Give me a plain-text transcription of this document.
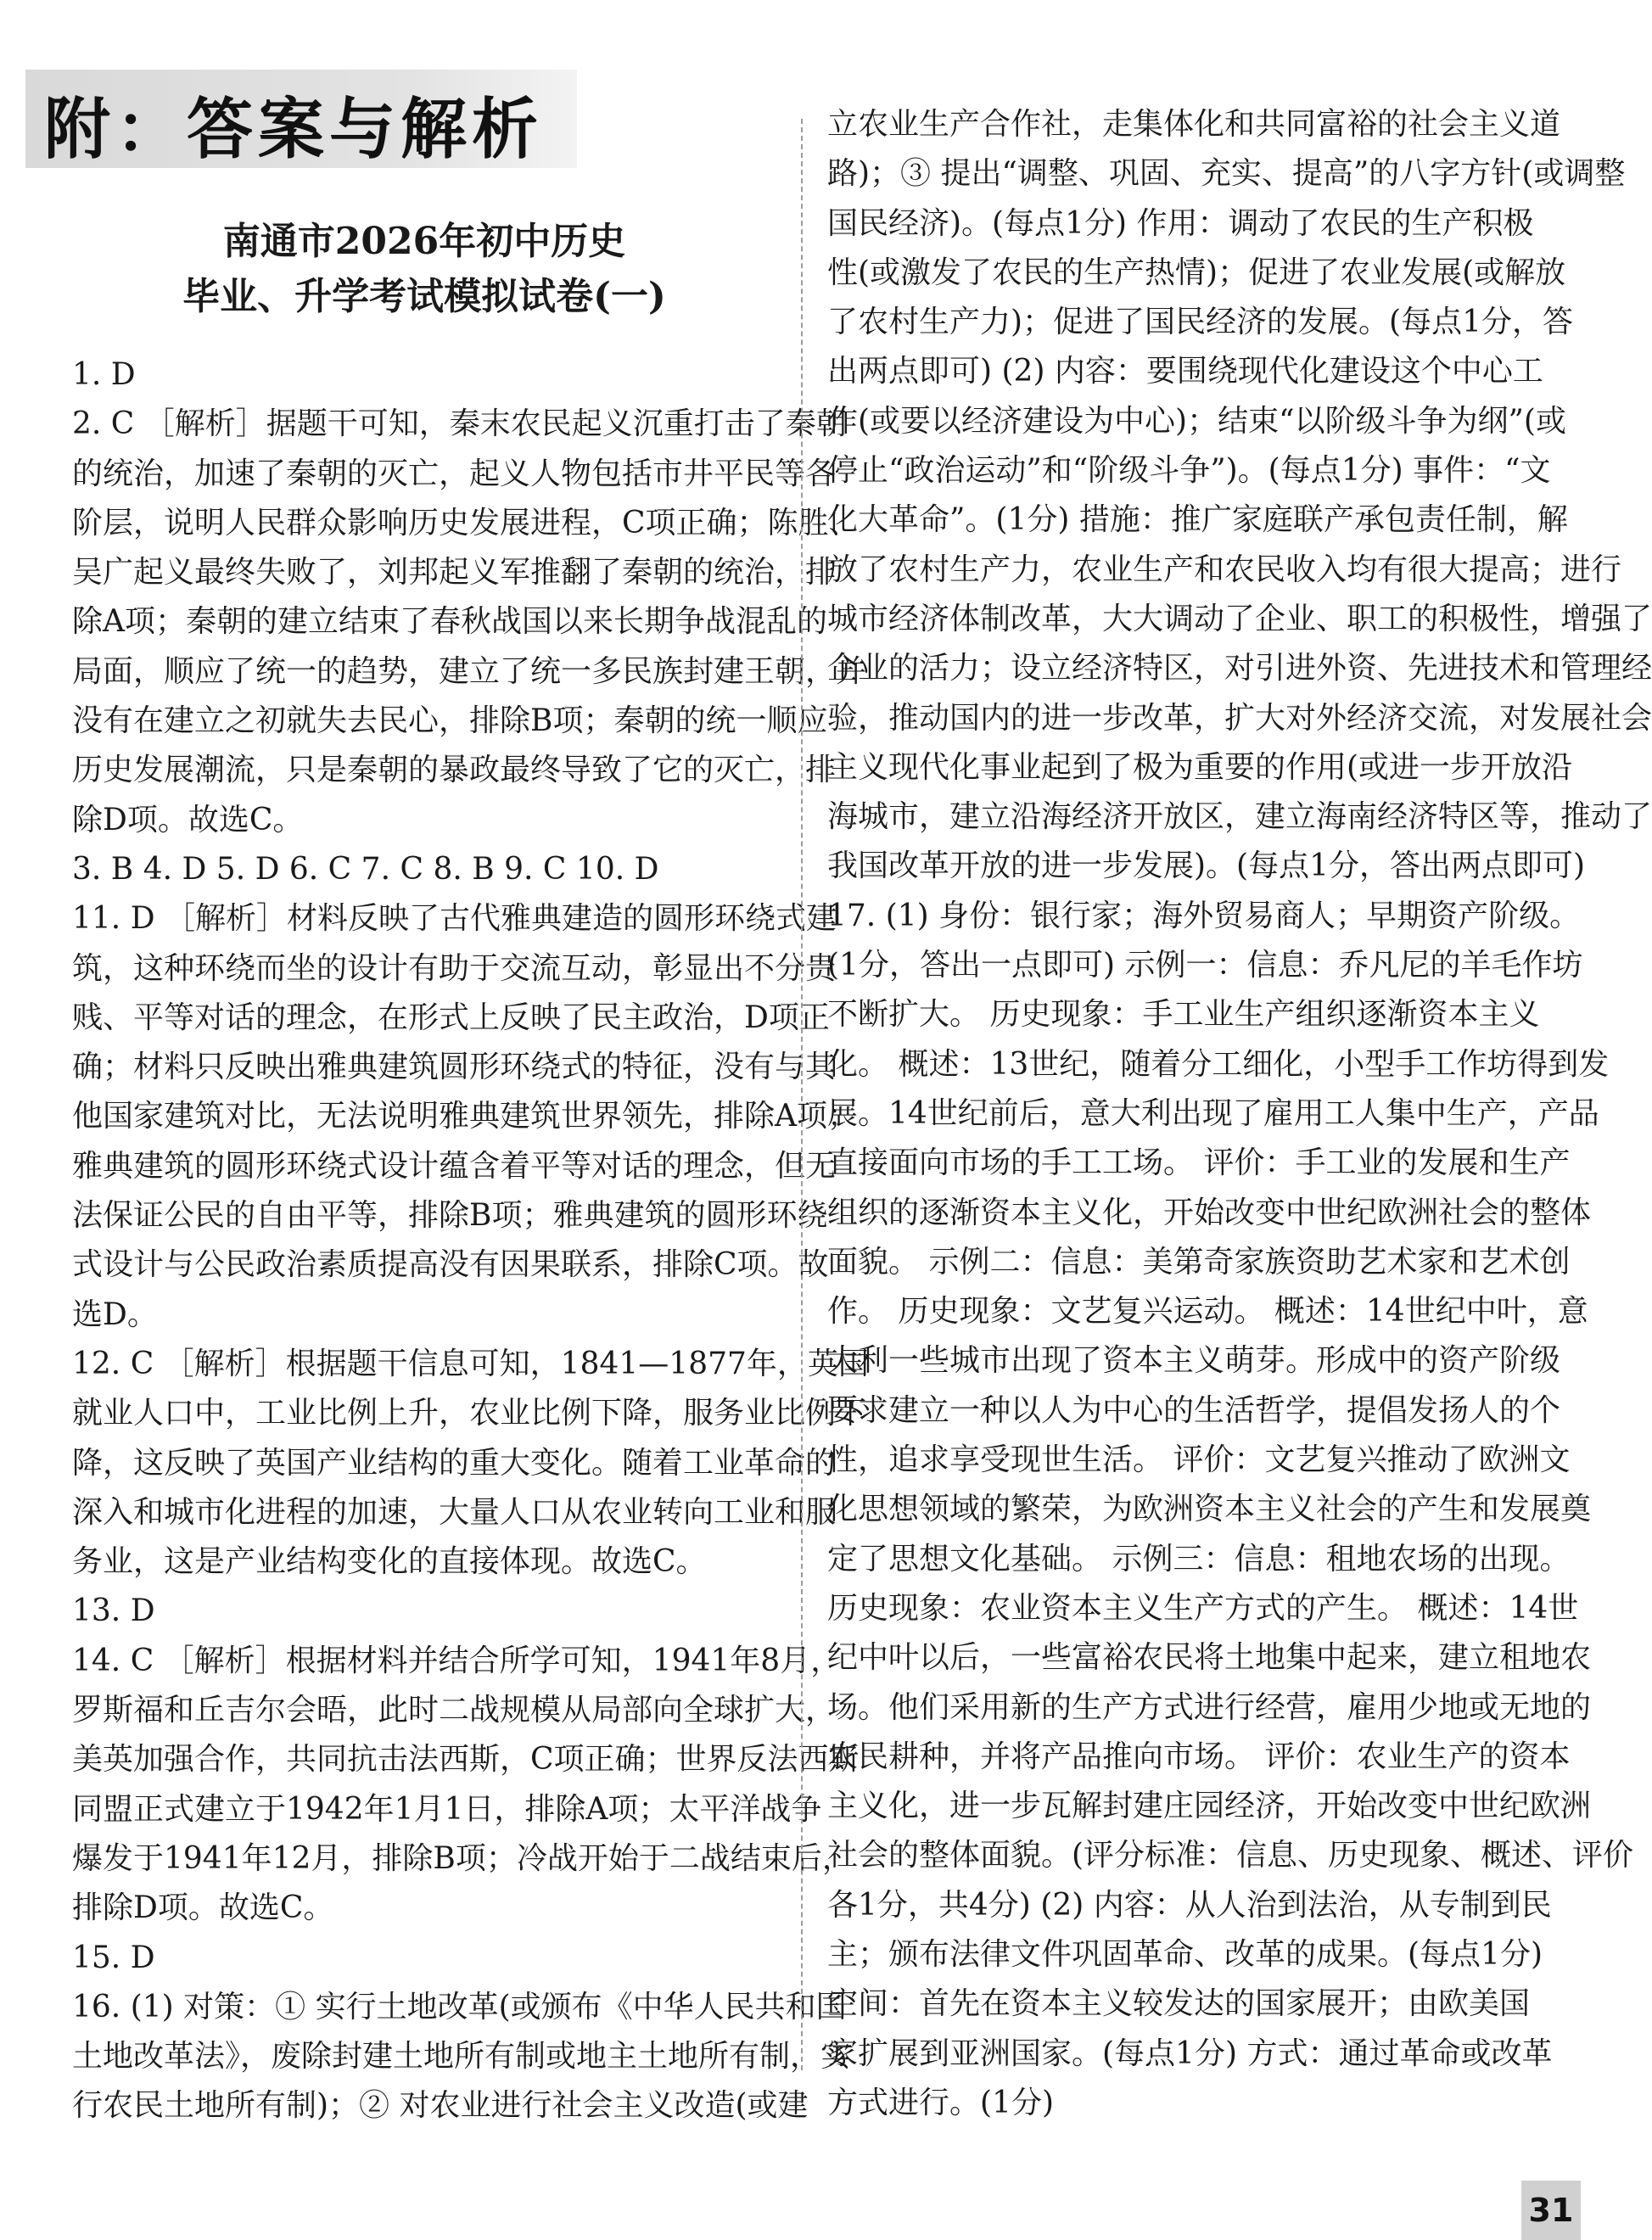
附：答案与解析
南通市2026年初中历史
毕业、升学考试模拟试卷(一)
1. D
2. C ［解析］据题干可知，秦末农民起义沉重打击了秦朝
的统治，加速了秦朝的灭亡，起义人物包括市井平民等各
阶层，说明人民群众影响历史发展进程，C项正确；陈胜、
吴广起义最终失败了，刘邦起义军推翻了秦朝的统治，排
除A项；秦朝的建立结束了春秋战国以来长期争战混乱的
局面，顺应了统一的趋势，建立了统一多民族封建王朝，并
没有在建立之初就失去民心，排除B项；秦朝的统一顺应
历史发展潮流，只是秦朝的暴政最终导致了它的灭亡，排
除D项。故选C。
3. B 4. D 5. D 6. C 7. C 8. B 9. C 10. D
11. D ［解析］材料反映了古代雅典建造的圆形环绕式建
筑，这种环绕而坐的设计有助于交流互动，彰显出不分贵
贱、平等对话的理念，在形式上反映了民主政治，D项正
确；材料只反映出雅典建筑圆形环绕式的特征，没有与其
他国家建筑对比，无法说明雅典建筑世界领先，排除A项；
雅典建筑的圆形环绕式设计蕴含着平等对话的理念，但无
法保证公民的自由平等，排除B项；雅典建筑的圆形环绕
式设计与公民政治素质提高没有因果联系，排除C项。故
选D。
12. C ［解析］根据题干信息可知，1841—1877年，英国
就业人口中，工业比例上升，农业比例下降，服务业比例下
降，这反映了英国产业结构的重大变化。随着工业革命的
深入和城市化进程的加速，大量人口从农业转向工业和服
务业，这是产业结构变化的直接体现。故选C。
13. D
14. C ［解析］根据材料并结合所学可知，1941年8月，
罗斯福和丘吉尔会晤，此时二战规模从局部向全球扩大，
美英加强合作，共同抗击法西斯，C项正确；世界反法西斯
同盟正式建立于1942年1月1日，排除A项；太平洋战争
爆发于1941年12月，排除B项；冷战开始于二战结束后，
排除D项。故选C。
15. D
16. (1) 对策：① 实行土地改革(或颁布《中华人民共和国
土地改革法》，废除封建土地所有制或地主土地所有制，实
行农民土地所有制)；② 对农业进行社会主义改造(或建
立农业生产合作社，走集体化和共同富裕的社会主义道
路)；③ 提出“调整、巩固、充实、提高”的八字方针(或调整
国民经济)。(每点1分) 作用：调动了农民的生产积极
性(或激发了农民的生产热情)；促进了农业发展(或解放
了农村生产力)；促进了国民经济的发展。(每点1分，答
出两点即可) (2) 内容：要围绕现代化建设这个中心工
作(或要以经济建设为中心)；结束“以阶级斗争为纲”(或
停止“政治运动”和“阶级斗争”)。(每点1分) 事件：“文
化大革命”。(1分) 措施：推广家庭联产承包责任制，解
放了农村生产力，农业生产和农民收入均有很大提高；进行
城市经济体制改革，大大调动了企业、职工的积极性，增强了
企业的活力；设立经济特区，对引进外资、先进技术和管理经
验，推动国内的进一步改革，扩大对外经济交流，对发展社会
主义现代化事业起到了极为重要的作用(或进一步开放沿
海城市，建立沿海经济开放区，建立海南经济特区等，推动了
我国改革开放的进一步发展)。(每点1分，答出两点即可)
17. (1) 身份：银行家；海外贸易商人；早期资产阶级。
(1分，答出一点即可) 示例一：信息：乔凡尼的羊毛作坊
不断扩大。 历史现象：手工业生产组织逐渐资本主义
化。 概述：13世纪，随着分工细化，小型手工作坊得到发
展。14世纪前后，意大利出现了雇用工人集中生产，产品
直接面向市场的手工工场。 评价：手工业的发展和生产
组织的逐渐资本主义化，开始改变中世纪欧洲社会的整体
面貌。 示例二：信息：美第奇家族资助艺术家和艺术创
作。 历史现象：文艺复兴运动。 概述：14世纪中叶，意
大利一些城市出现了资本主义萌芽。形成中的资产阶级
要求建立一种以人为中心的生活哲学，提倡发扬人的个
性，追求享受现世生活。 评价：文艺复兴推动了欧洲文
化思想领域的繁荣，为欧洲资本主义社会的产生和发展奠
定了思想文化基础。 示例三：信息：租地农场的出现。
历史现象：农业资本主义生产方式的产生。 概述：14世
纪中叶以后，一些富裕农民将土地集中起来，建立租地农
场。他们采用新的生产方式进行经营，雇用少地或无地的
农民耕种，并将产品推向市场。 评价：农业生产的资本
主义化，进一步瓦解封建庄园经济，开始改变中世纪欧洲
社会的整体面貌。(评分标准：信息、历史现象、概述、评价
各1分，共4分) (2) 内容：从人治到法治，从专制到民
主；颁布法律文件巩固革命、改革的成果。(每点1分)
空间：首先在资本主义较发达的国家展开；由欧美国
家扩展到亚洲国家。(每点1分) 方式：通过革命或改革
方式进行。(1分)
31
